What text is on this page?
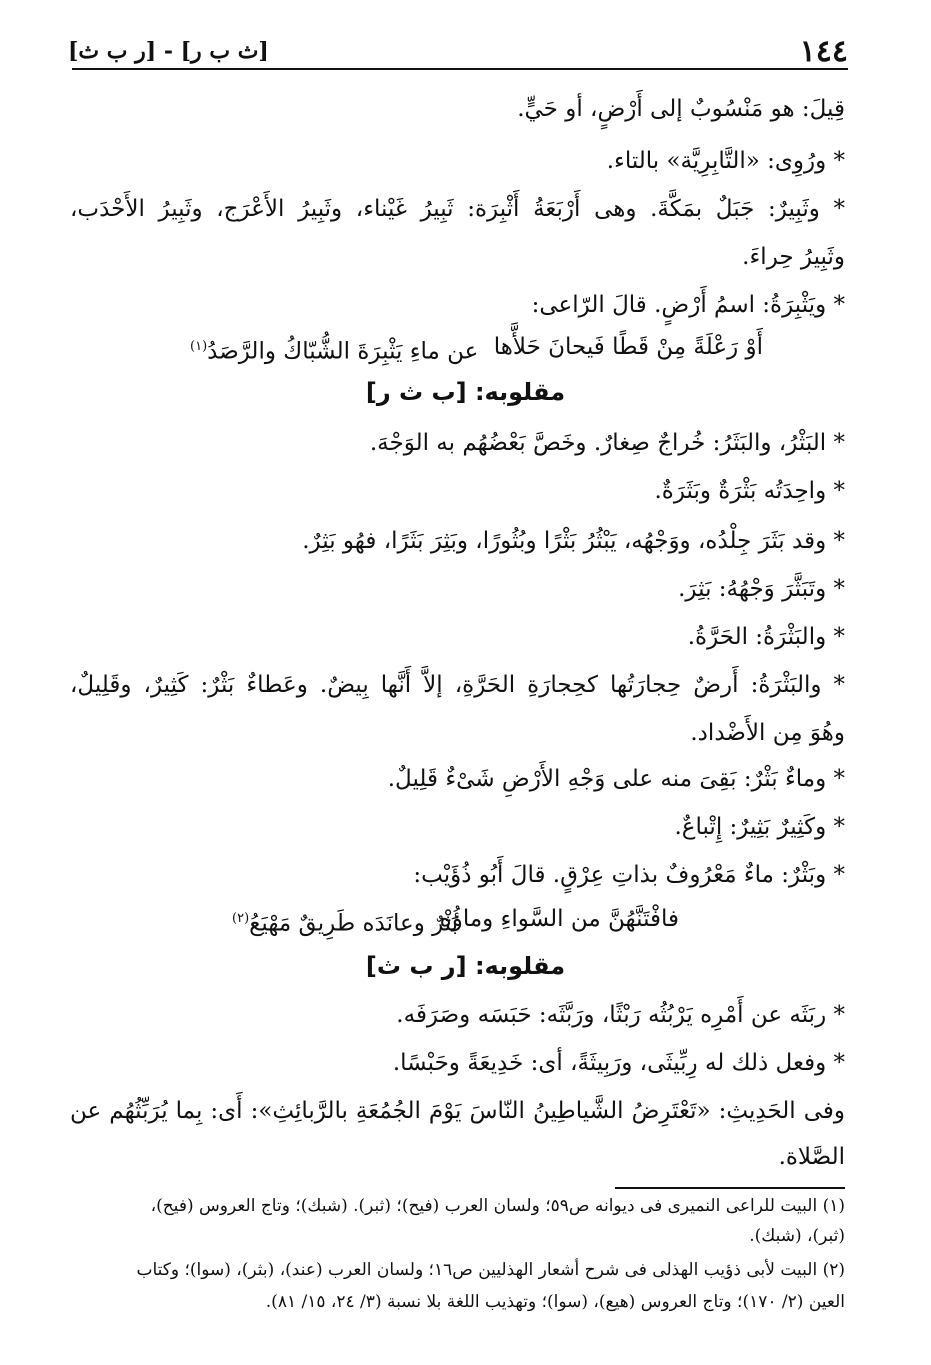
١٤٤
[ث ب ر] - [ر ب ث]
قِيلَ: هو مَنْسُوبٌ إلى أَرْضٍ، أو حَيٍّ.
* ورُوِى: «التَّابِرِيَّة» بالتاء.
* وثَبِيرٌ: جَبَلٌ بمَكَّةَ. وهى أَرْبَعَةُ أَثْبِرَة: ثَبِيرُ غَيْناء، وثَبِيرُ الأَعْرَج، وثَبِيرُ الأَحْدَب،
وثَبِيرُ حِراءَ.
* ويَثْبِرَةُ: اسمُ أَرْضٍ. قالَ الرّاعى:
أَوْ رَعْلَةً مِنْ قَطًا فَيحانَ حَلأَّها
عن ماءِ يَثْبِرَةَ الشُّبّاكُ والرَّصَدُ$^{(١)}$
مقلوبه: [ب ث ر]
* البَثْرُ، والبَثَرُ: خُراجٌ صِغارٌ. وخَصَّ بَعْضُهُم به الوَجْهَ.
* واحِدَتُه بَثْرَةٌ وبَثَرَةٌ.
* وقد بَثَرَ جِلْدُه، ووَجْهُه، يَبْثُرُ بَثْرًا وبُثُورًا، وبَثِرَ بَثَرًا، فهُو بَثِرٌ.
* وتَبَثَّرَ وَجْهُهُ: بَثِرَ.
* والبَثْرَةُ: الحَرَّةُ.
* والبَثْرَةُ: أَرضٌ حِجارَتُها كحِجارَةِ الحَرَّةِ، إلاَّ أَنَّها بِيضٌ. وعَطاءٌ بَثْرٌ: كَثِيرٌ، وقَلِيلٌ،
وهُوَ مِن الأَضْداد.
* وماءٌ بَثْرٌ: بَقِىَ منه على وَجْهِ الأَرْضِ شَىْءٌ قَلِيلٌ.
* وكَثِيرٌ بَثِيرٌ: إِتْباعٌ.
* وبَثْرٌ: ماءٌ مَعْرُوفٌ بذاتِ عِرْقٍ. قالَ أَبُو ذُؤَيْب:
فافْتَنَّهُنَّ من السَّواءِ وماؤُه
بَثْرٌ وعانَدَه طَرِيقٌ مَهْيَعُ$^{(٢)}$
مقلوبه: [ر ب ث]
* ربَثَه عن أَمْرِه يَرْبُثُه رَبْثًا، ورَبَّثَه: حَبَسَه وصَرَفَه.
* وفعل ذلك له رِبِّيثَى، ورَبِيثَةً، أى: خَدِيعَةً وحَبْسًا.
وفى الحَدِيثِ: «تَعْتَرِضُ الشَّياطِينُ النّاسَ يَوْمَ الجُمُعَةِ بالرَّبائِثِ»: أَى: بِما يُرَبِّثُهُم عن
الصَّلاة.
(١) البيت للراعى النميرى فى ديوانه ص٥٩؛ ولسان العرب (فيح)؛ (ثبر). (شبك)؛ وتاج العروس (فيح)،
(ثبر)، (شبك).
(٢) البيت لأبى ذؤيب الهذلى فى شرح أشعار الهذليين ص١٦؛ ولسان العرب (عند)، (بثر)، (سوا)؛ وكتاب
العين (٢/ ١٧٠)؛ وتاج العروس (هيع)، (سوا)؛ وتهذيب اللغة بلا نسبة (٣/ ٢٤، ١٥/ ٨١).
